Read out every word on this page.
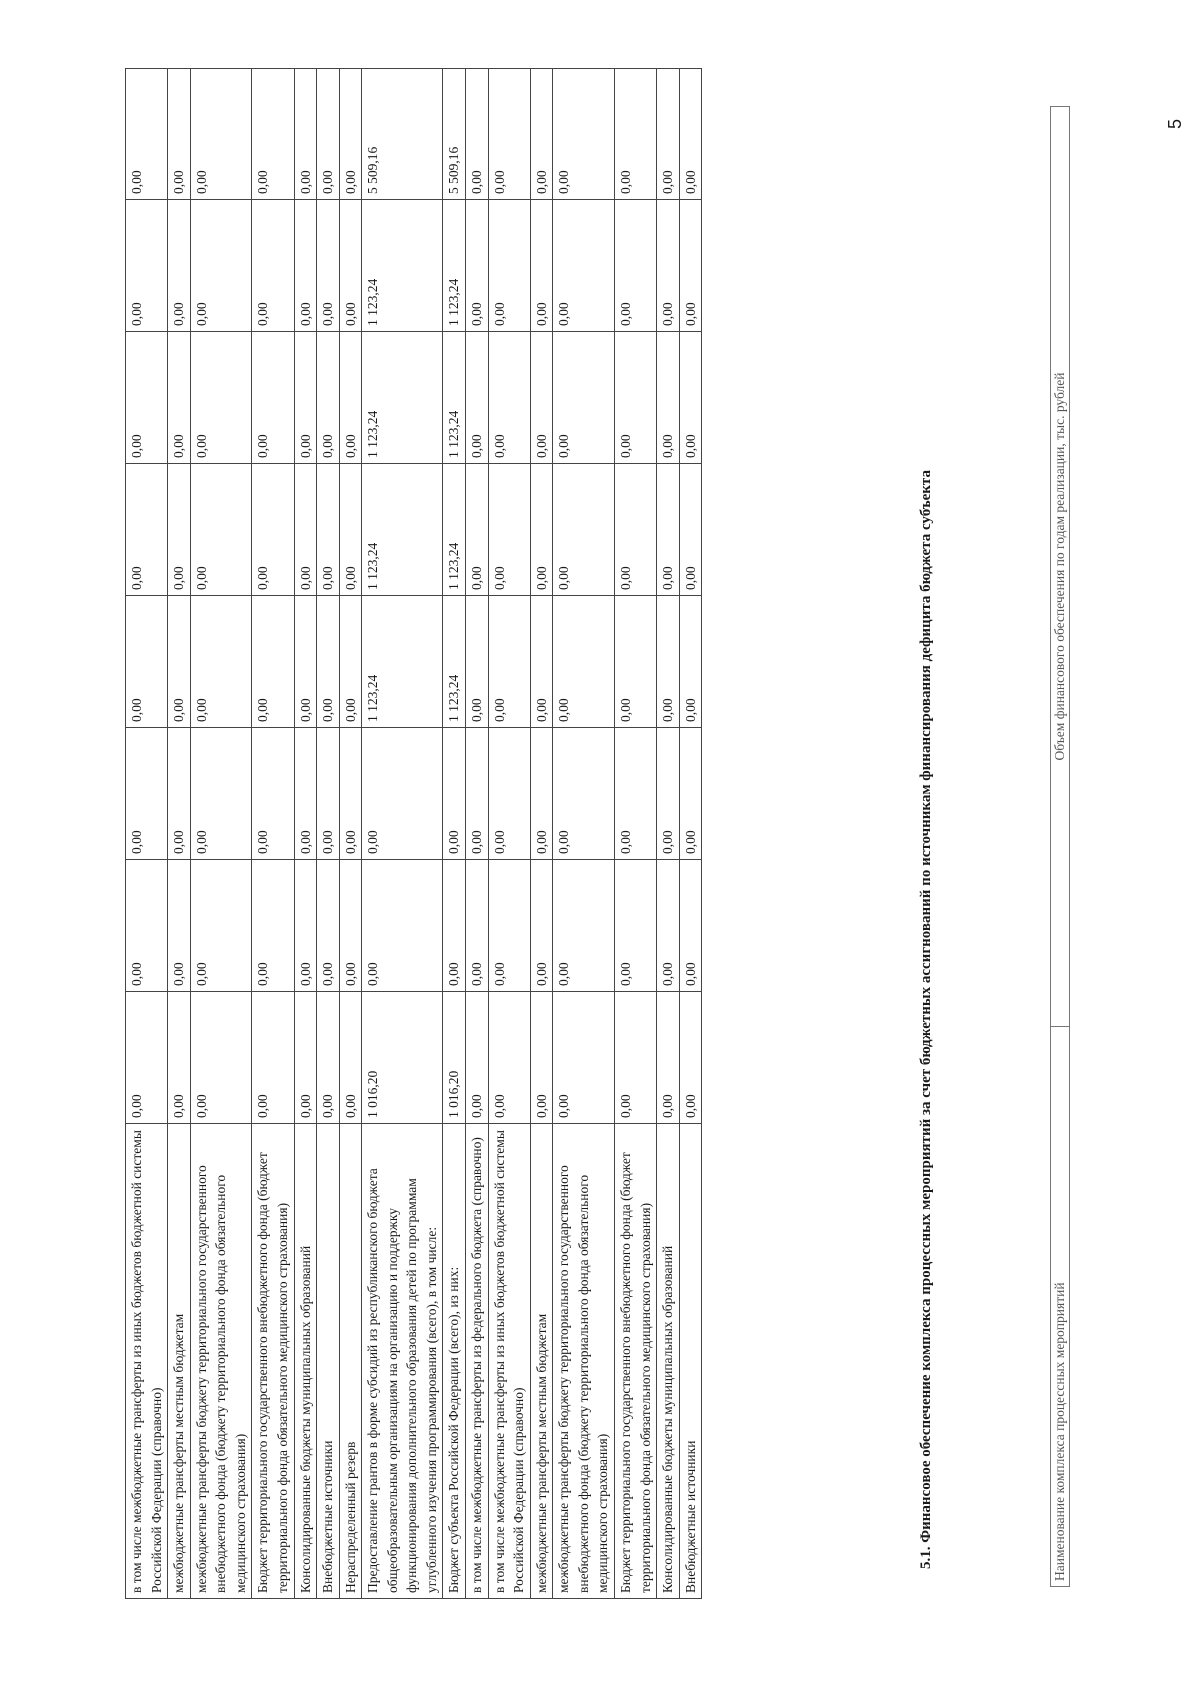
в том числе межбюджетные трансферты из иных бюджетов бюджетной системы Российской Федерации (справочно)	0,00	0,00	0,00	0,00	0,00	0,00	0,00	0,00
межбюджетные трансферты местным бюджетам	0,00	0,00	0,00	0,00	0,00	0,00	0,00	0,00
межбюджетные трансферты бюджету территориального государственного внебюджетного фонда (бюджету территориального фонда обязательного медицинского страхования)	0,00	0,00	0,00	0,00	0,00	0,00	0,00	0,00
Бюджет территориального государственного внебюджетного фонда (бюджет территориального фонда обязательного медицинского страхования)	0,00	0,00	0,00	0,00	0,00	0,00	0,00	0,00
Консолидированные бюджеты муниципальных образований	0,00	0,00	0,00	0,00	0,00	0,00	0,00	0,00
Внебюджетные источники	0,00	0,00	0,00	0,00	0,00	0,00	0,00	0,00
Нераспределенный резерв	0,00	0,00	0,00	0,00	0,00	0,00	0,00	0,00
Предоставление грантов в форме субсидий из республиканского бюджета общеобразовательным организациям на организацию и поддержку функционирования дополнительного образования детей по программам углубленного изучения программирования (всего), в том числе:	1 016,20	0,00	0,00	1 123,24	1 123,24	1 123,24	1 123,24	5 509,16
Бюджет субъекта Российской Федерации (всего), из них:	1 016,20	0,00	0,00	1 123,24	1 123,24	1 123,24	1 123,24	5 509,16
в том числе межбюджетные трансферты из федерального бюджета (справочно)	0,00	0,00	0,00	0,00	0,00	0,00	0,00	0,00
в том числе межбюджетные трансферты из иных бюджетов бюджетной системы Российской Федерации (справочно)	0,00	0,00	0,00	0,00	0,00	0,00	0,00	0,00
межбюджетные трансферты местным бюджетам	0,00	0,00	0,00	0,00	0,00	0,00	0,00	0,00
межбюджетные трансферты бюджету территориального государственного внебюджетного фонда (бюджету территориального фонда обязательного медицинского страхования)	0,00	0,00	0,00	0,00	0,00	0,00	0,00	0,00
Бюджет территориального государственного внебюджетного фонда (бюджет территориального фонда обязательного медицинского страхования)	0,00	0,00	0,00	0,00	0,00	0,00	0,00	0,00
Консолидированные бюджеты муниципальных образований	0,00	0,00	0,00	0,00	0,00	0,00	0,00	0,00
Внебюджетные источники	0,00	0,00	0,00	0,00	0,00	0,00	0,00	0,00
5.1. Финансовое обеспечение комплекса процессных мероприятий за счет бюджетных ассигнований по источникам финансирования дефицита бюджета субъекта	Наименование комплекса процессных мероприятий	Объем финансового обеспечения по годам реализации, тыс. рублей
5
